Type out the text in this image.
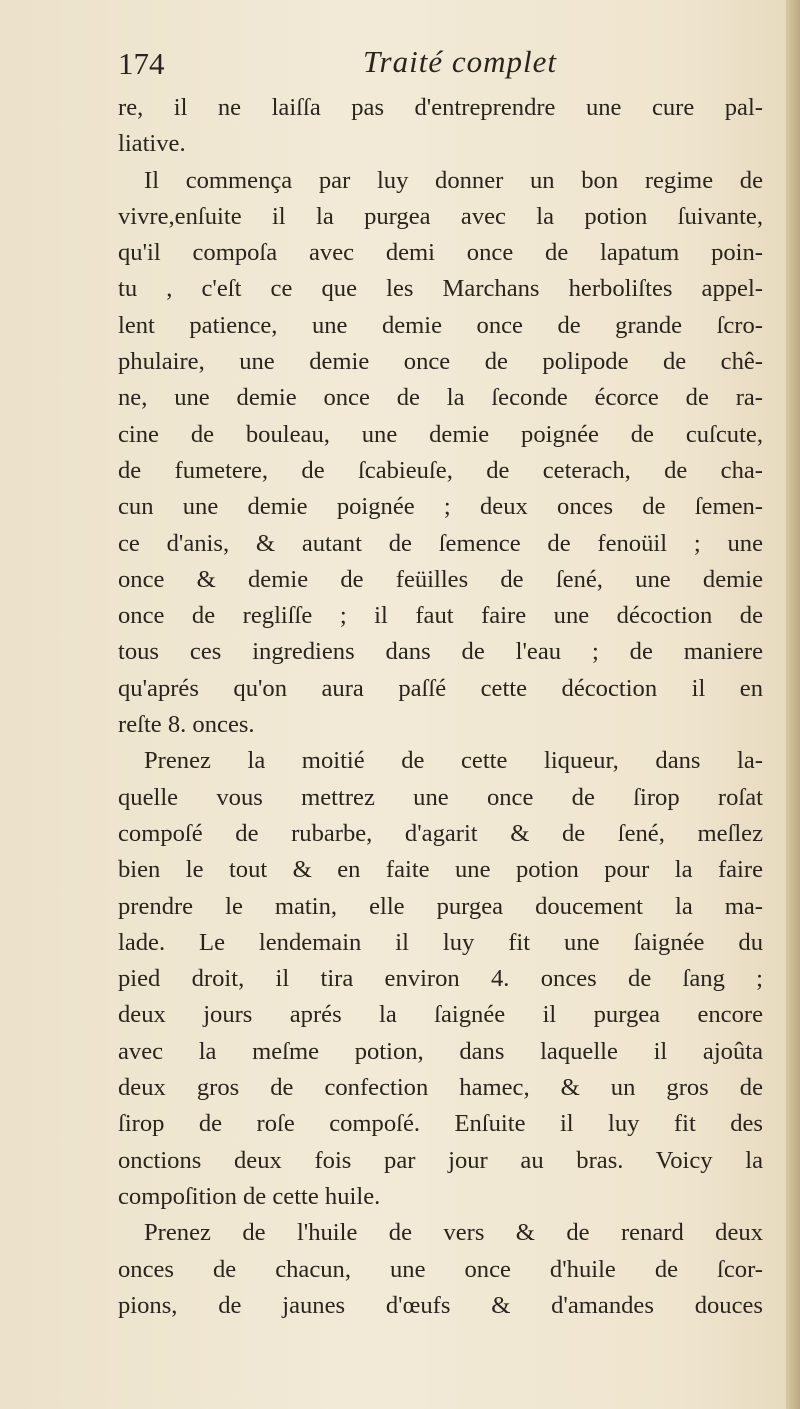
174	Traité complet
re, il ne laiſſa pas d'entreprendre une cure pal-
liative.
Il commença par luy donner un bon regime de
vivre,enſuite il la purgea avec la potion ſuivante,
qu'il compoſa avec demi once de lapatum poin-
tu , c'eſt ce que les Marchans herboliſtes appel-
lent patience, une demie once de grande ſcro-
phulaire, une demie once de polipode de chê-
ne, une demie once de la ſeconde écorce de ra-
cine de bouleau, une demie poignée de cuſcute,
de fumetere, de ſcabieuſe, de ceterach, de cha-
cun une demie poignée ; deux onces de ſemen-
ce d'anis, & autant de ſemence de fenoüil ; une
once & demie de feüilles de ſené, une demie
once de regliſſe ; il faut faire une décoction de
tous ces ingrediens dans de l'eau ; de maniere
qu'aprés qu'on aura paſſé cette décoction il en
reſte 8. onces.
Prenez la moitié de cette liqueur, dans la-
quelle vous mettrez une once de ſirop roſat
compoſé de rubarbe, d'agarit & de ſené, meſlez
bien le tout & en faite une potion pour la faire
prendre le matin, elle purgea doucement la ma-
lade. Le lendemain il luy fit une ſaignée du
pied droit, il tira environ 4. onces de ſang ;
deux jours aprés la ſaignée il purgea encore
avec la meſme potion, dans laquelle il ajoûta
deux gros de confection hamec, & un gros de
ſirop de roſe compoſé. Enſuite il luy fit des
onctions deux fois par jour au bras. Voicy la
compoſition de cette huile.
Prenez de l'huile de vers & de renard deux
onces de chacun, une once d'huile de ſcor-
pions, de jaunes d'œufs & d'amandes douces
